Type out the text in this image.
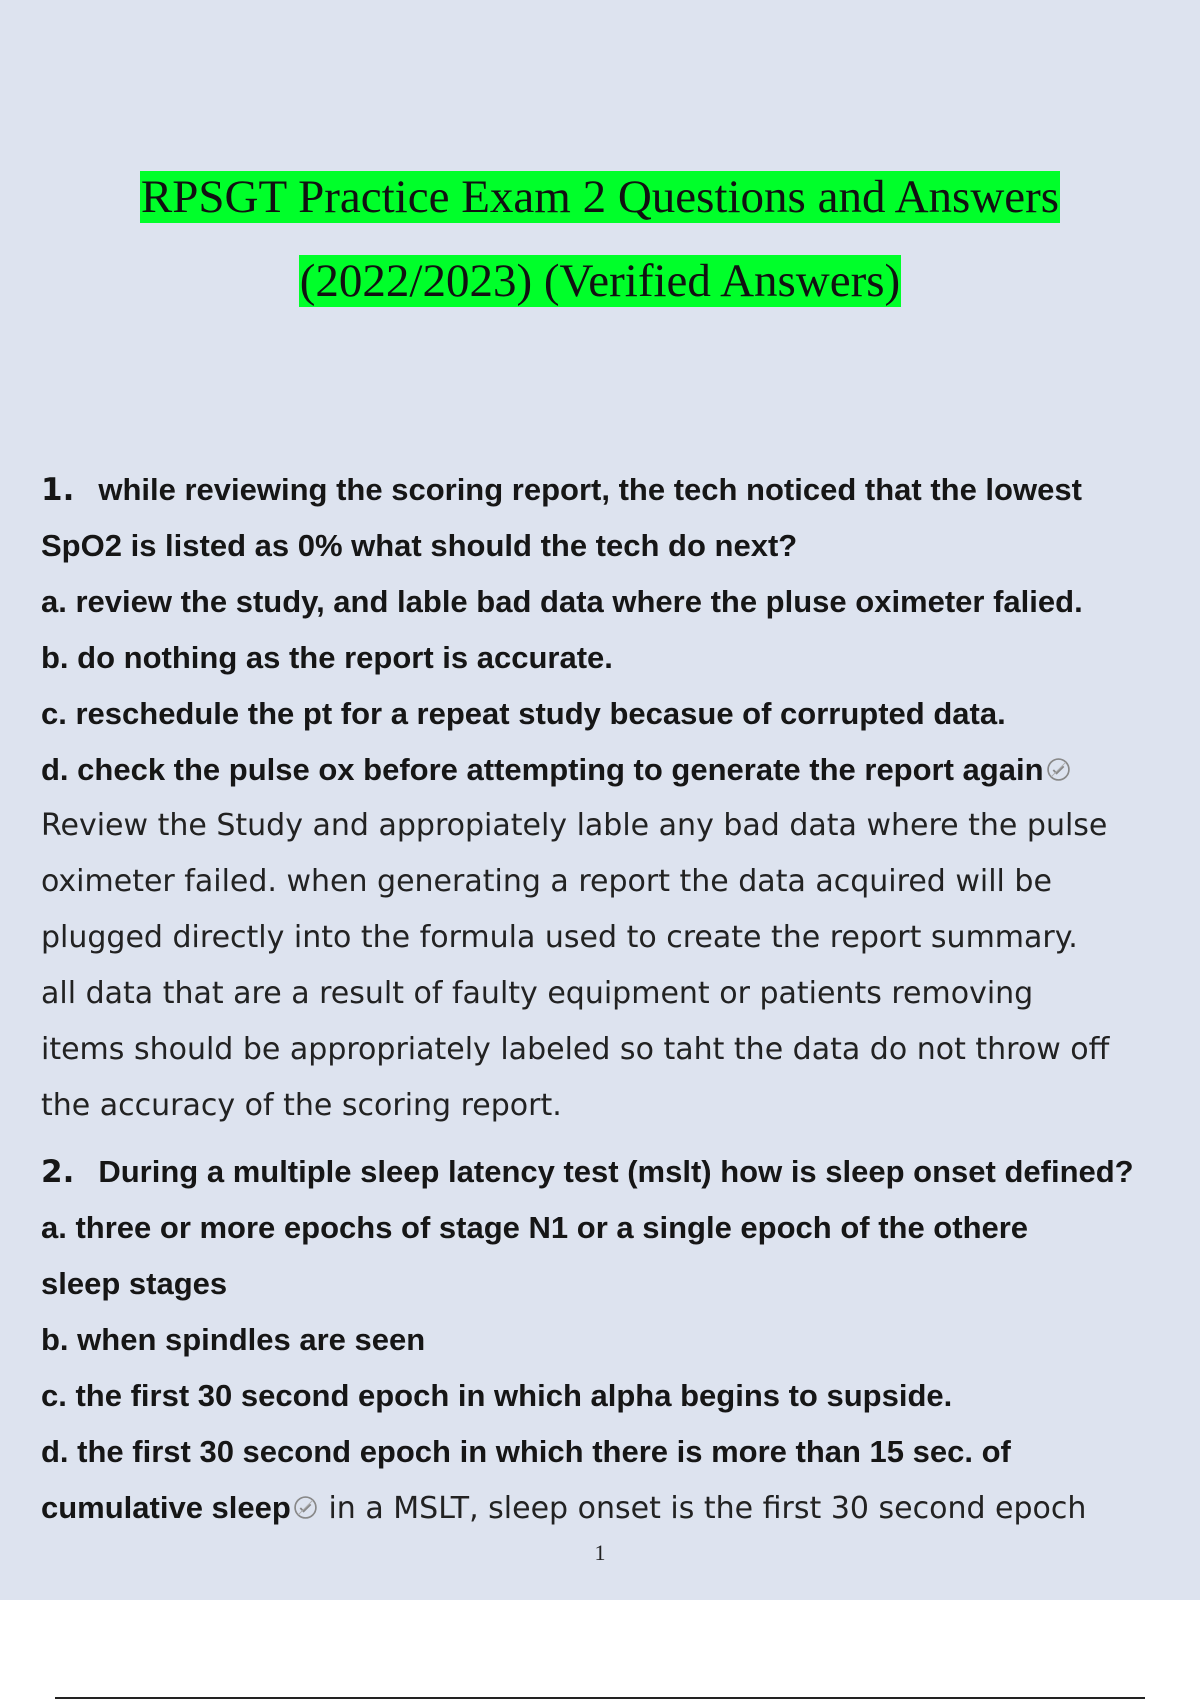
RPSGT Practice Exam 2 Questions and Answers
(2022/2023) (Verified Answers)
1. while reviewing the scoring report, the tech noticed that the lowest
SpO2 is listed as 0% what should the tech do next?
a. review the study, and lable bad data where the pluse oximeter falied.
b. do nothing as the report is accurate.
c. reschedule the pt for a repeat study becasue of corrupted data.
d. check the pulse ox before attempting to generate the report again
Review the Study and appropiately lable any bad data where the pulse
oximeter failed. when generating a report the data acquired will be
plugged directly into the formula used to create the report summary.
all data that are a result of faulty equipment or patients removing
items should be appropriately labeled so taht the data do not throw off
the accuracy of the scoring report.
2. During a multiple sleep latency test (mslt) how is sleep onset defined?
a. three or more epochs of stage N1 or a single epoch of the othere
sleep stages
b. when spindles are seen
c. the first 30 second epoch in which alpha begins to supside.
d. the first 30 second epoch in which there is more than 15 sec. of
cumulative sleep in a MSLT, sleep onset is the first 30 second epoch
1
